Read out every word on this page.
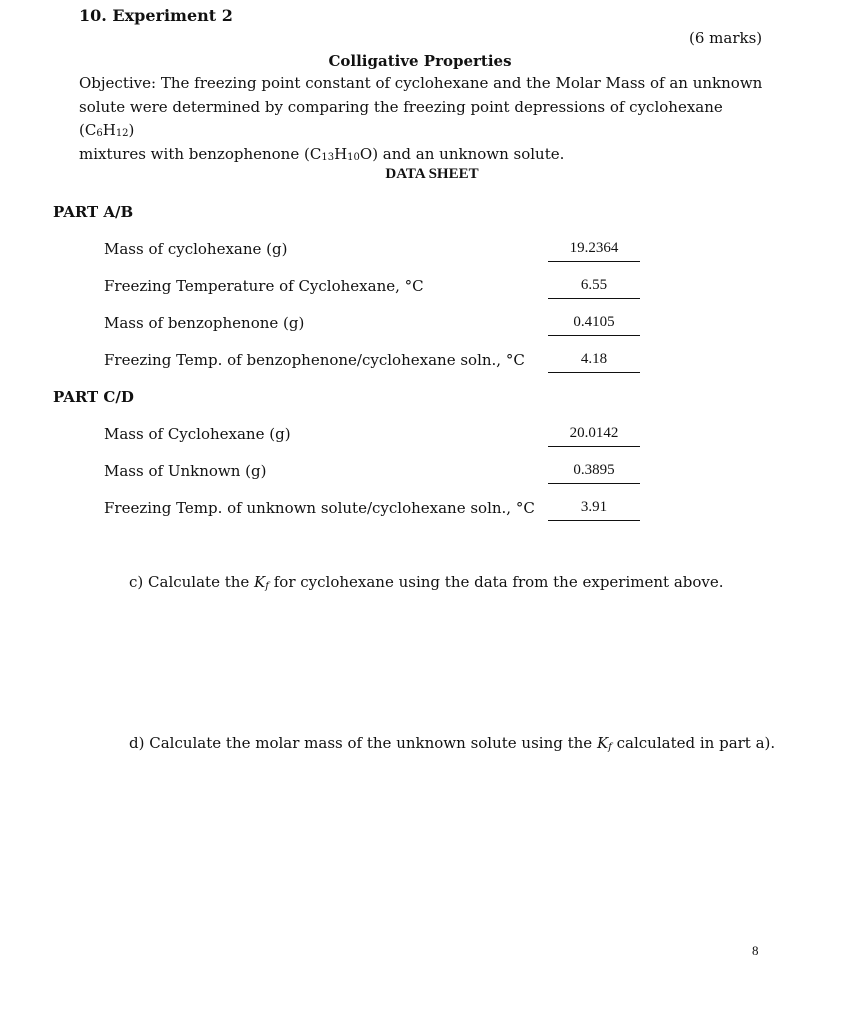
10. Experiment 2
(6 marks)
Colligative Properties
Objective: The freezing point constant of cyclohexane and the Molar Mass of an unknown
solute were determined by comparing the freezing point depressions of cyclohexane $(C_6H_{12})$
mixtures with benzophenone $(C_{13}H_{10}O)$ and an unknown solute.
DATA SHEET
PART A/B
Mass of cyclohexane (g)	19.2364
Freezing Temperature of Cyclohexane, °C	6.55
Mass of benzophenone (g)	0.4105
Freezing Temp. of benzophenone/cyclohexane soln., °C	4.18
PART C/D
Mass of Cyclohexane (g)	20.0142
Mass of Unknown (g)	0.3895
Freezing Temp. of unknown solute/cyclohexane soln., °C	3.91
c) Calculate the $K_f$ for cyclohexane using the data from the experiment above.
d) Calculate the molar mass of the unknown solute using the $K_f$ calculated in part a).
8
